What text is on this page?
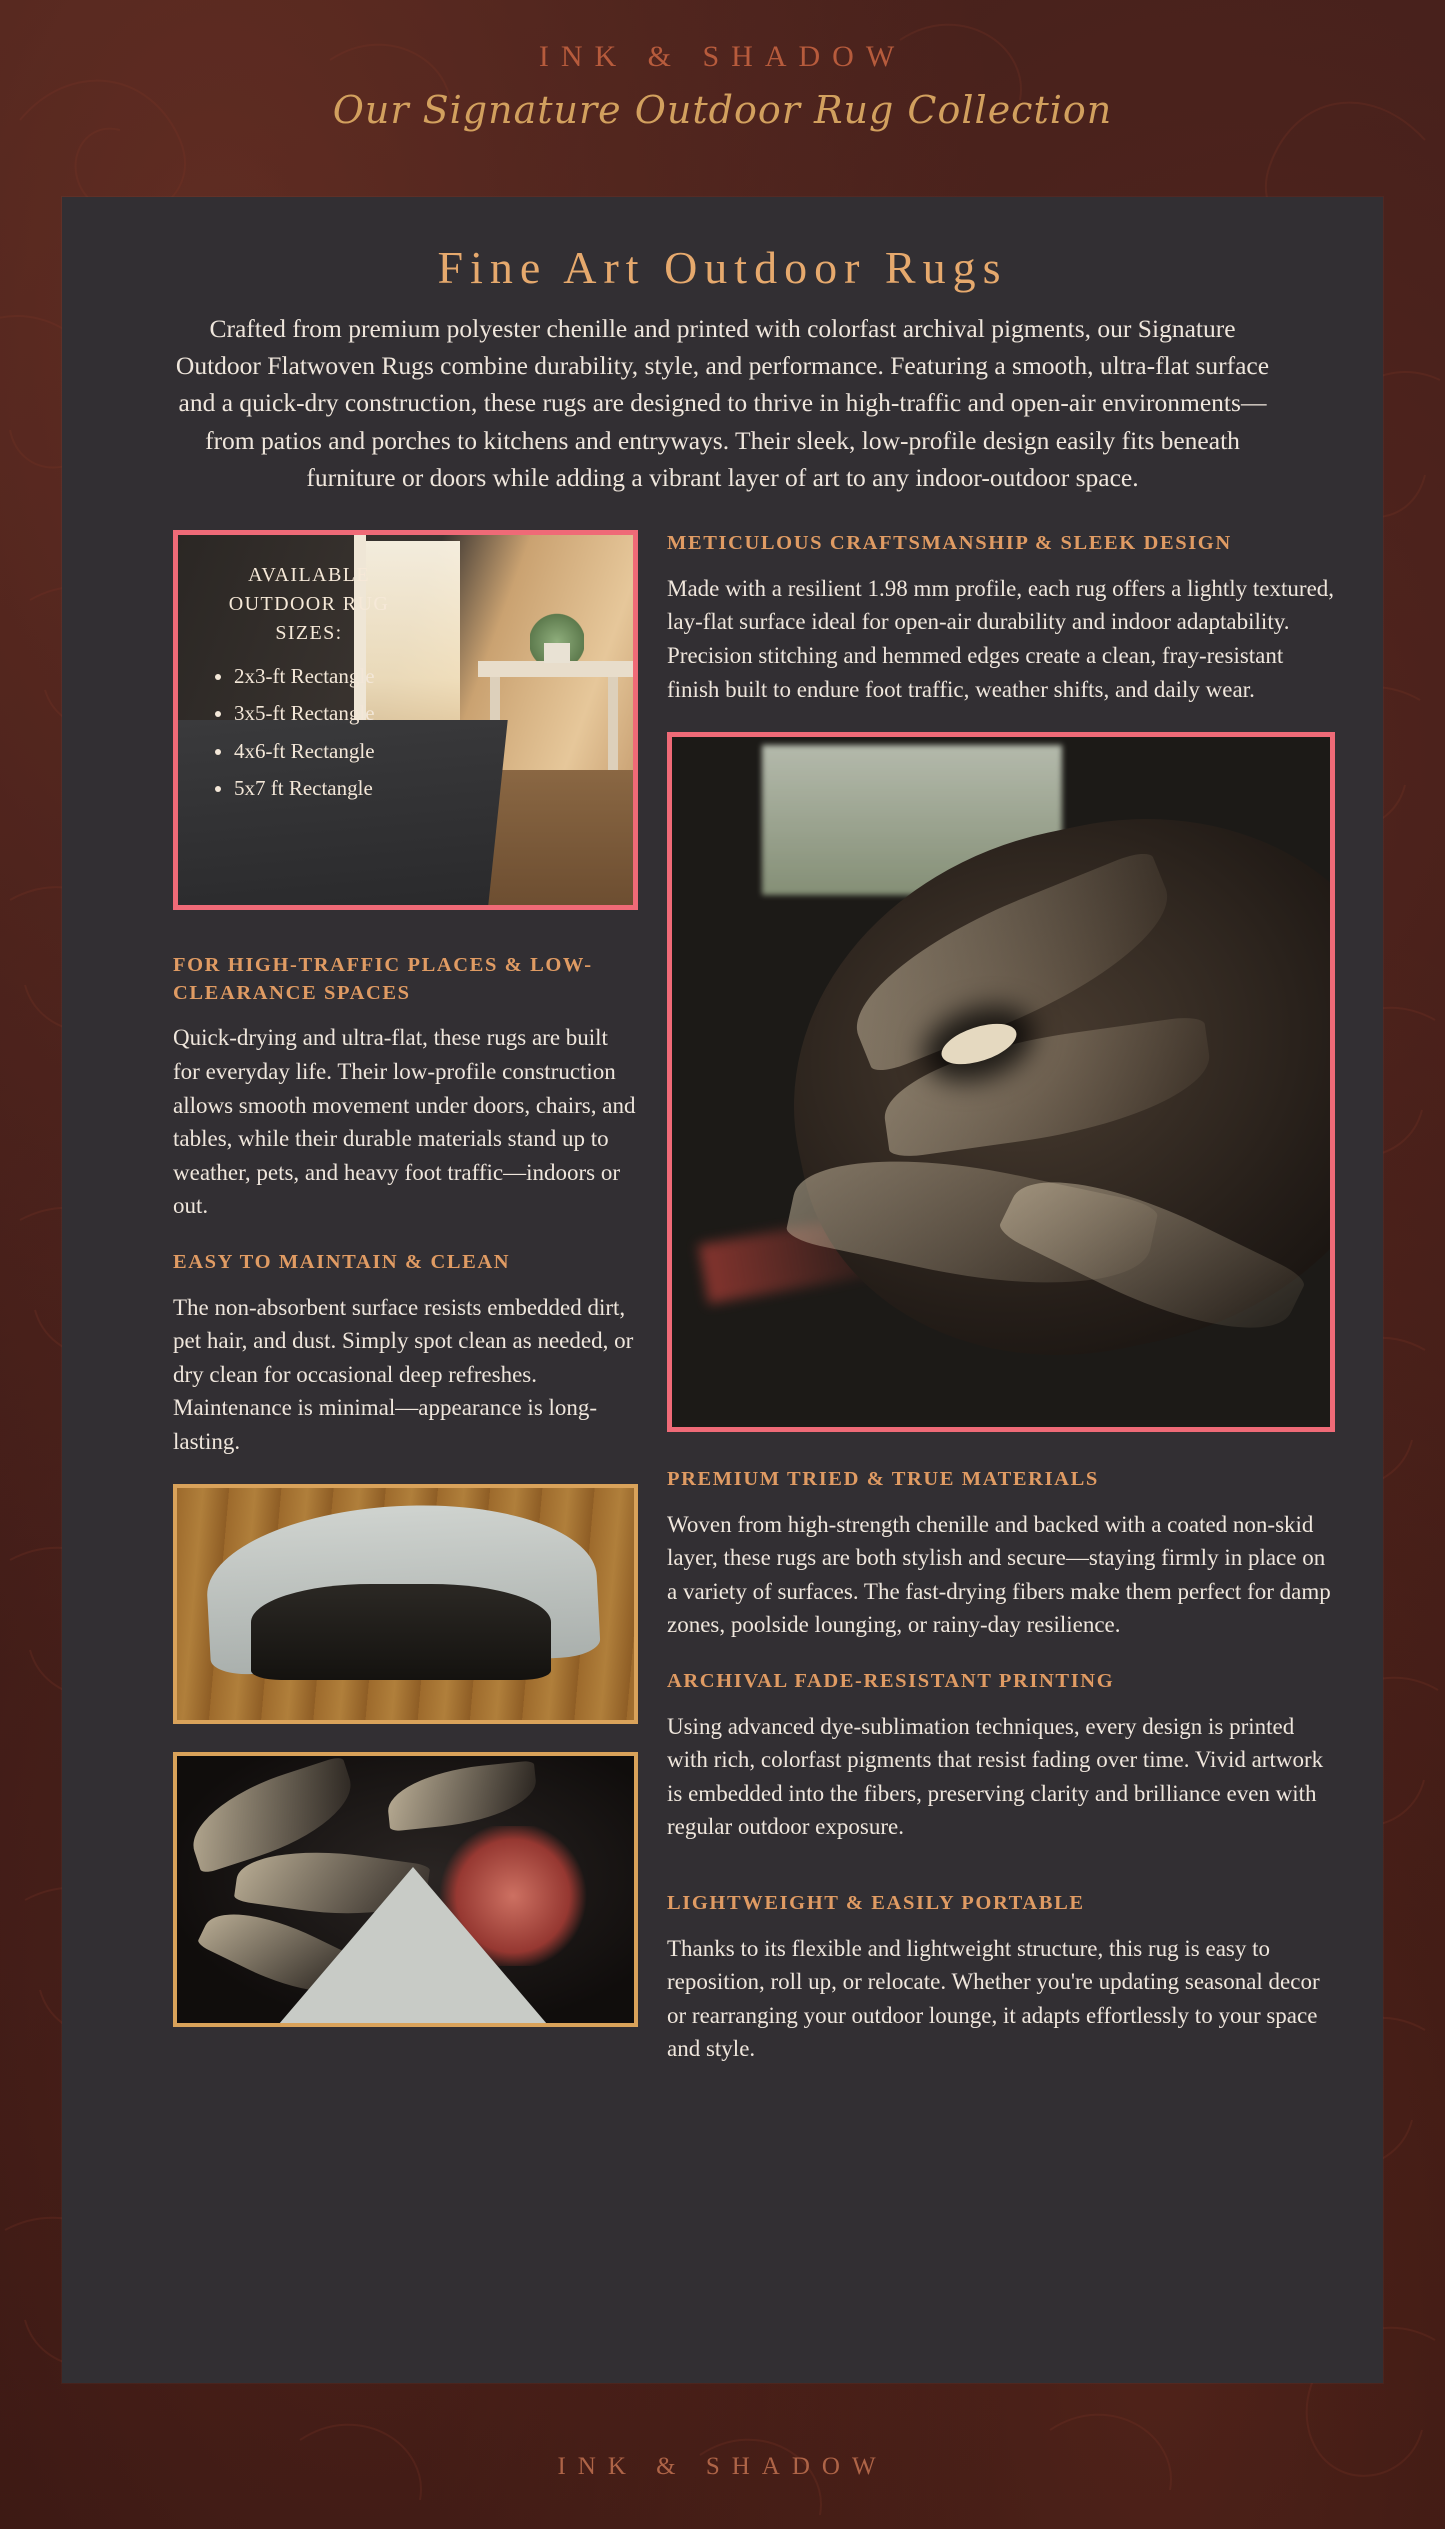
INK & SHADOW
Our Signature Outdoor Rug Collection
Fine Art Outdoor Rugs

Crafted from premium polyester chenille and printed with colorfast archival pigments, our Signature Outdoor Flatwoven Rugs combine durability, style, and performance. Featuring a smooth, ultra-flat surface and a quick-dry construction, these rugs are designed to thrive in high-traffic and open-air environments—from patios and porches to kitchens and entryways. Their sleek, low-profile design easily fits beneath furniture or doors while adding a vibrant layer of art to any indoor-outdoor space.

AVAILABLE OUTDOOR RUG SIZES:
• 2x3-ft Rectangle
• 3x5-ft Rectangle
• 4x6-ft Rectangle
• 5x7 ft Rectangle
FOR HIGH-TRAFFIC PLACES & LOW-CLEARANCE SPACES

Quick-drying and ultra-flat, these rugs are built for everyday life. Their low-profile construction allows smooth movement under doors, chairs, and tables, while their durable materials stand up to weather, pets, and heavy foot traffic—indoors or out.

EASY TO MAINTAIN & CLEAN

The non-absorbent surface resists embedded dirt, pet hair, and dust. Simply spot clean as needed, or dry clean for occasional deep refreshes. Maintenance is minimal—appearance is long-lasting.

METICULOUS CRAFTSMANSHIP & SLEEK DESIGN

Made with a resilient 1.98 mm profile, each rug offers a lightly textured, lay-flat surface ideal for open-air durability and indoor adaptability. Precision stitching and hemmed edges create a clean, fray-resistant finish built to endure foot traffic, weather shifts, and daily wear.

PREMIUM TRIED & TRUE MATERIALS

Woven from high-strength chenille and backed with a coated non-skid layer, these rugs are both stylish and secure—staying firmly in place on a variety of surfaces. The fast-drying fibers make them perfect for damp zones, poolside lounging, or rainy-day resilience.

ARCHIVAL FADE-RESISTANT PRINTING

Using advanced dye-sublimation techniques, every design is printed with rich, colorfast pigments that resist fading over time. Vivid artwork is embedded into the fibers, preserving clarity and brilliance even with regular outdoor exposure.

LIGHTWEIGHT & EASILY PORTABLE

Thanks to its flexible and lightweight structure, this rug is easy to reposition, roll up, or relocate. Whether you're updating seasonal decor or rearranging your outdoor lounge, it adapts effortlessly to your space and style.

INK & SHADOW
